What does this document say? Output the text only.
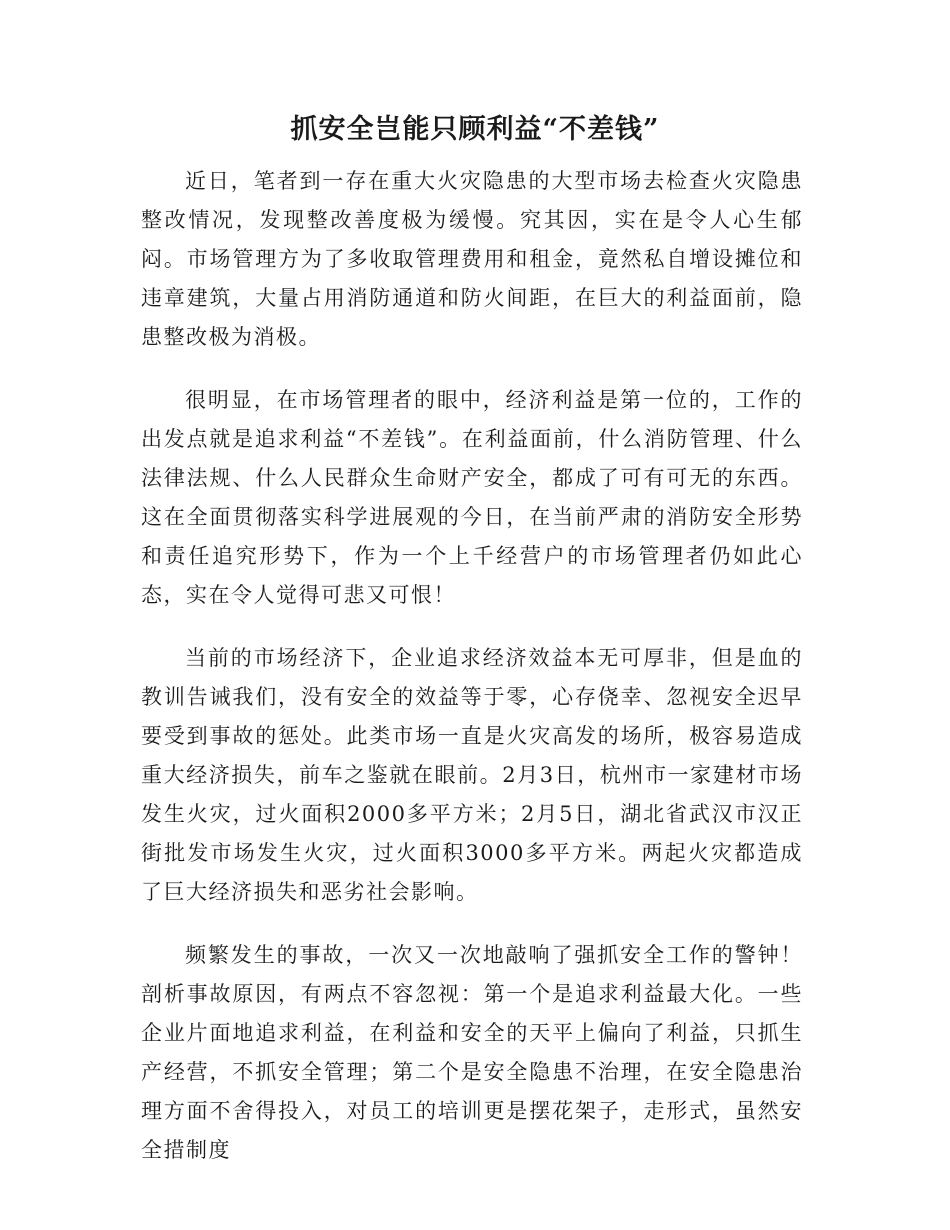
抓安全岂能只顾利益“不差钱”

近日，笔者到一存在重大火灾隐患的大型市场去检查火灾隐患整改情况，发现整改善度极为缓慢。究其因，实在是令人心生郁闷。市场管理方为了多收取管理费用和租金，竟然私自增设摊位和违章建筑，大量占用消防通道和防火间距，在巨大的利益面前，隐患整改极为消极。

很明显，在市场管理者的眼中，经济利益是第一位的，工作的出发点就是追求利益“不差钱”。在利益面前，什么消防管理、什么法律法规、什么人民群众生命财产安全，都成了可有可无的东西。这在全面贯彻落实科学进展观的今日，在当前严肃的消防安全形势和责任追究形势下，作为一个上千经营户的市场管理者仍如此心态，实在令人觉得可悲又可恨！

当前的市场经济下，企业追求经济效益本无可厚非，但是血的教训告诫我们，没有安全的效益等于零，心存侥幸、忽视安全迟早要受到事故的惩处。此类市场一直是火灾高发的场所，极容易造成重大经济损失，前车之鉴就在眼前。2月3日，杭州市一家建材市场发生火灾，过火面积2000多平方米；2月5日，湖北省武汉市汉正街批发市场发生火灾，过火面积3000多平方米。两起火灾都造成了巨大经济损失和恶劣社会影响。

频繁发生的事故，一次又一次地敲响了强抓安全工作的警钟！剖析事故原因，有两点不容忽视：第一个是追求利益最大化。一些企业片面地追求利益，在利益和安全的天平上偏向了利益，只抓生产经营，不抓安全管理；第二个是安全隐患不治理，在安全隐患治理方面不舍得投入，对员工的培训更是摆花架子，走形式，虽然安全措制度
